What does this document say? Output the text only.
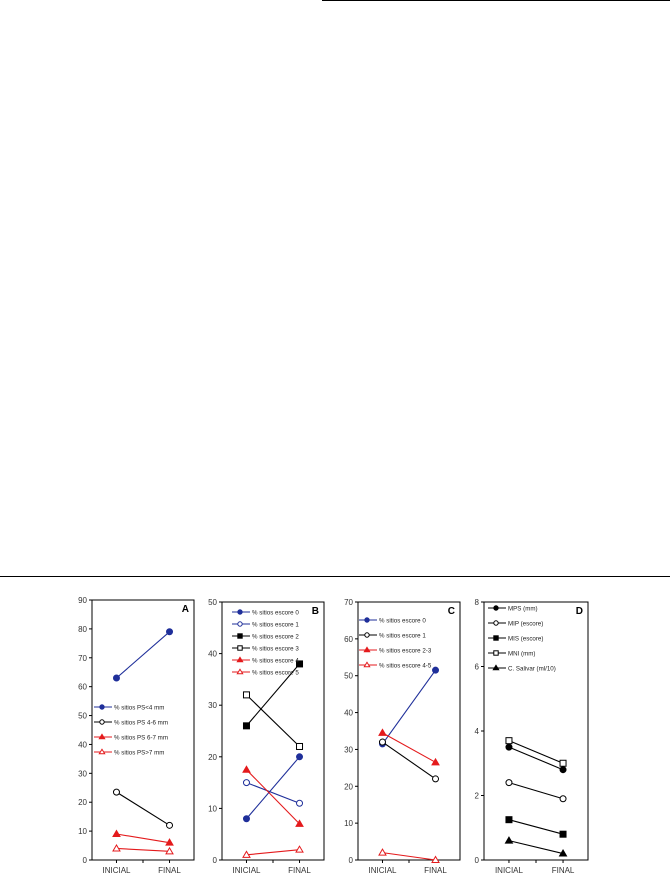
0
10
20
30
40
50
60
70
80
90
INICIAL	FINAL
A
% sitios PS<4 mm
% sitios PS 4-6 mm
% sitios PS 6-7 mm
% sitios PS>7 mm
0
10
20
30
40
50
INICIAL	FINAL
B
% sitios escore 0
% sitios escore 1
% sitios escore 2
% sitios escore 3
% sitios escore 4
% sitios escore 5
0
10
20
30
40
50
60
70
INICIAL	FINAL
C
% sitios escore 0
% sitios escore 1
% sitios escore 2-3
% sitios escore 4-5
0
2
4
6
8
INICIAL	FINAL
D
MPS (mm)
MIP (escore)
MIS (escore)
MNI (mm)
C. Salivar (ml/10)
